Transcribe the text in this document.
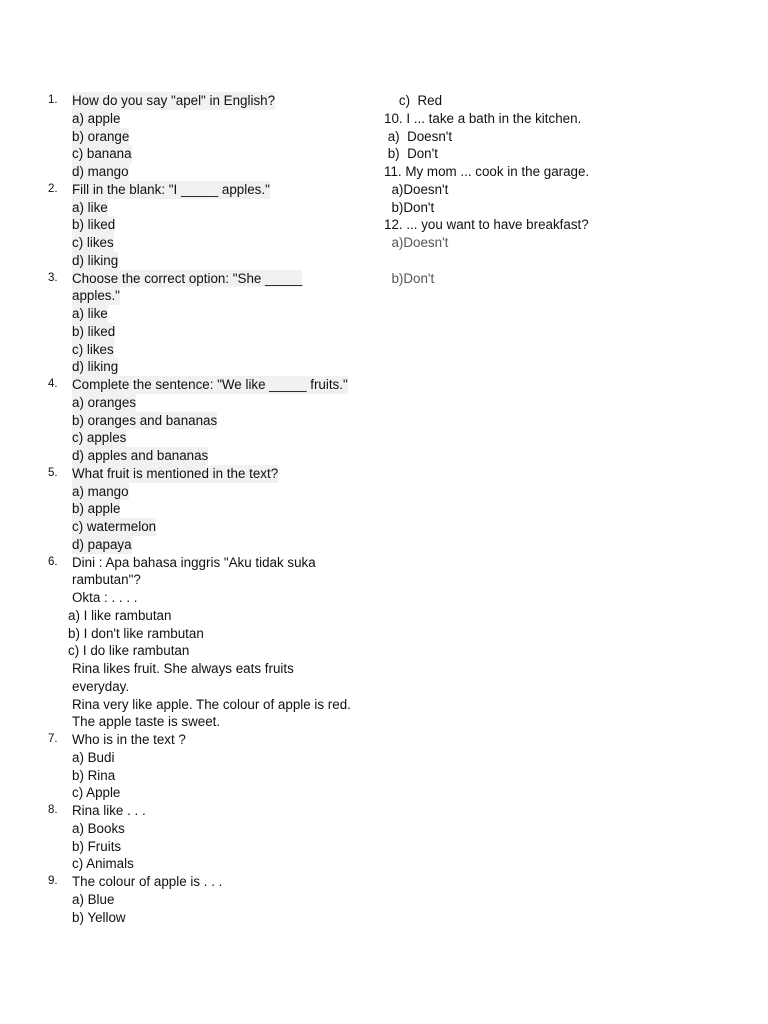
1. How do you say "apel" in English?
a) apple
b) orange
c) banana
d) mango
2. Fill in the blank: "I _____ apples."
a) like
b) liked
c) likes
d) liking
3. Choose the correct option: "She _____
apples."
a) like
b) liked
c) likes
d) liking
4. Complete the sentence: "We like _____ fruits."
a) oranges
b) oranges and bananas
c) apples
d) apples and bananas
5. What fruit is mentioned in the text?
a) mango
b) apple
c) watermelon
d) papaya
6. Dini : Apa bahasa inggris "Aku tidak suka
rambutan"?
Okta : . . . .
a) I like rambutan
b) I don't like rambutan
c) I do like rambutan
Rina likes fruit. She always eats fruits
everyday.
Rina very like apple. The colour of apple is red.
The apple taste is sweet.
7. Who is in the text ?
a) Budi
b) Rina
c) Apple
8. Rina like . . .
a) Books
b) Fruits
c) Animals
9. The colour of apple is . . .
a) Blue
b) Yellow
c)  Red
10. I ... take a bath in the kitchen.
a)  Doesn't
b)  Don't
11. My mom ... cook in the garage.
a)Doesn't
b)Don't
12. ... you want to have breakfast?
a)Doesn't
b)Don't
